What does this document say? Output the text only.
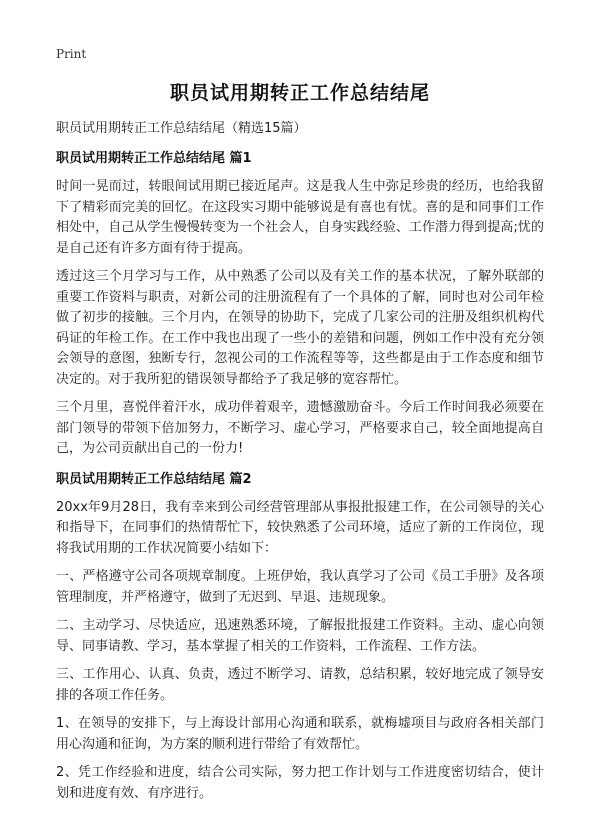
Print
职员试用期转正工作总结结尾

职员试用期转正工作总结结尾（精选15篇）

职员试用期转正工作总结结尾 篇1

时间一晃而过，转眼间试用期已接近尾声。这是我人生中弥足珍贵的经历，也给我留下了精彩而完美的回忆。在这段实习期中能够说是有喜也有忧。喜的是和同事们工作相处中，自己从学生慢慢转变为一个社会人，自身实践经验、工作潜力得到提高;忧的是自己还有许多方面有待于提高。

透过这三个月学习与工作，从中熟悉了公司以及有关工作的基本状况，了解外联部的重要工作资料与职责，对新公司的注册流程有了一个具体的了解，同时也对公司年检做了初步的接触。三个月内，在领导的协助下，完成了几家公司的注册及组织机构代码证的年检工作。在工作中我也出现了一些小的差错和问题，例如工作中没有充分领会领导的意图，独断专行，忽视公司的工作流程等等，这些都是由于工作态度和细节决定的。对于我所犯的错误领导都给予了我足够的宽容帮忙。

三个月里，喜悦伴着汗水，成功伴着艰辛，遗憾激励奋斗。今后工作时间我必须要在部门领导的带领下倍加努力，不断学习、虚心学习，严格要求自己，较全面地提高自己，为公司贡献出自己的一份力!

职员试用期转正工作总结结尾 篇2

20xx年9月28日，我有幸来到公司经营管理部从事报批报建工作，在公司领导的关心和指导下，在同事们的热情帮忙下，较快熟悉了公司环境，适应了新的工作岗位，现将我试用期的工作状况简要小结如下：

一、严格遵守公司各项规章制度。上班伊始，我认真学习了公司《员工手册》及各项管理制度，并严格遵守，做到了无迟到、早退、违规现象。

二、主动学习、尽快适应，迅速熟悉环境，了解报批报建工作资料。主动、虚心向领导、同事请教、学习，基本掌握了相关的工作资料，工作流程、工作方法。

三、工作用心、认真、负责，透过不断学习、请教，总结积累，较好地完成了领导安排的各项工作任务。

1、在领导的安排下，与上海设计部用心沟通和联系，就梅墟项目与政府各相关部门用心沟通和征询，为方案的顺利进行带给了有效帮忙。

2、凭工作经验和进度，结合公司实际，努力把工作计划与工作进度密切结合，使计划和进度有效、有序进行。
